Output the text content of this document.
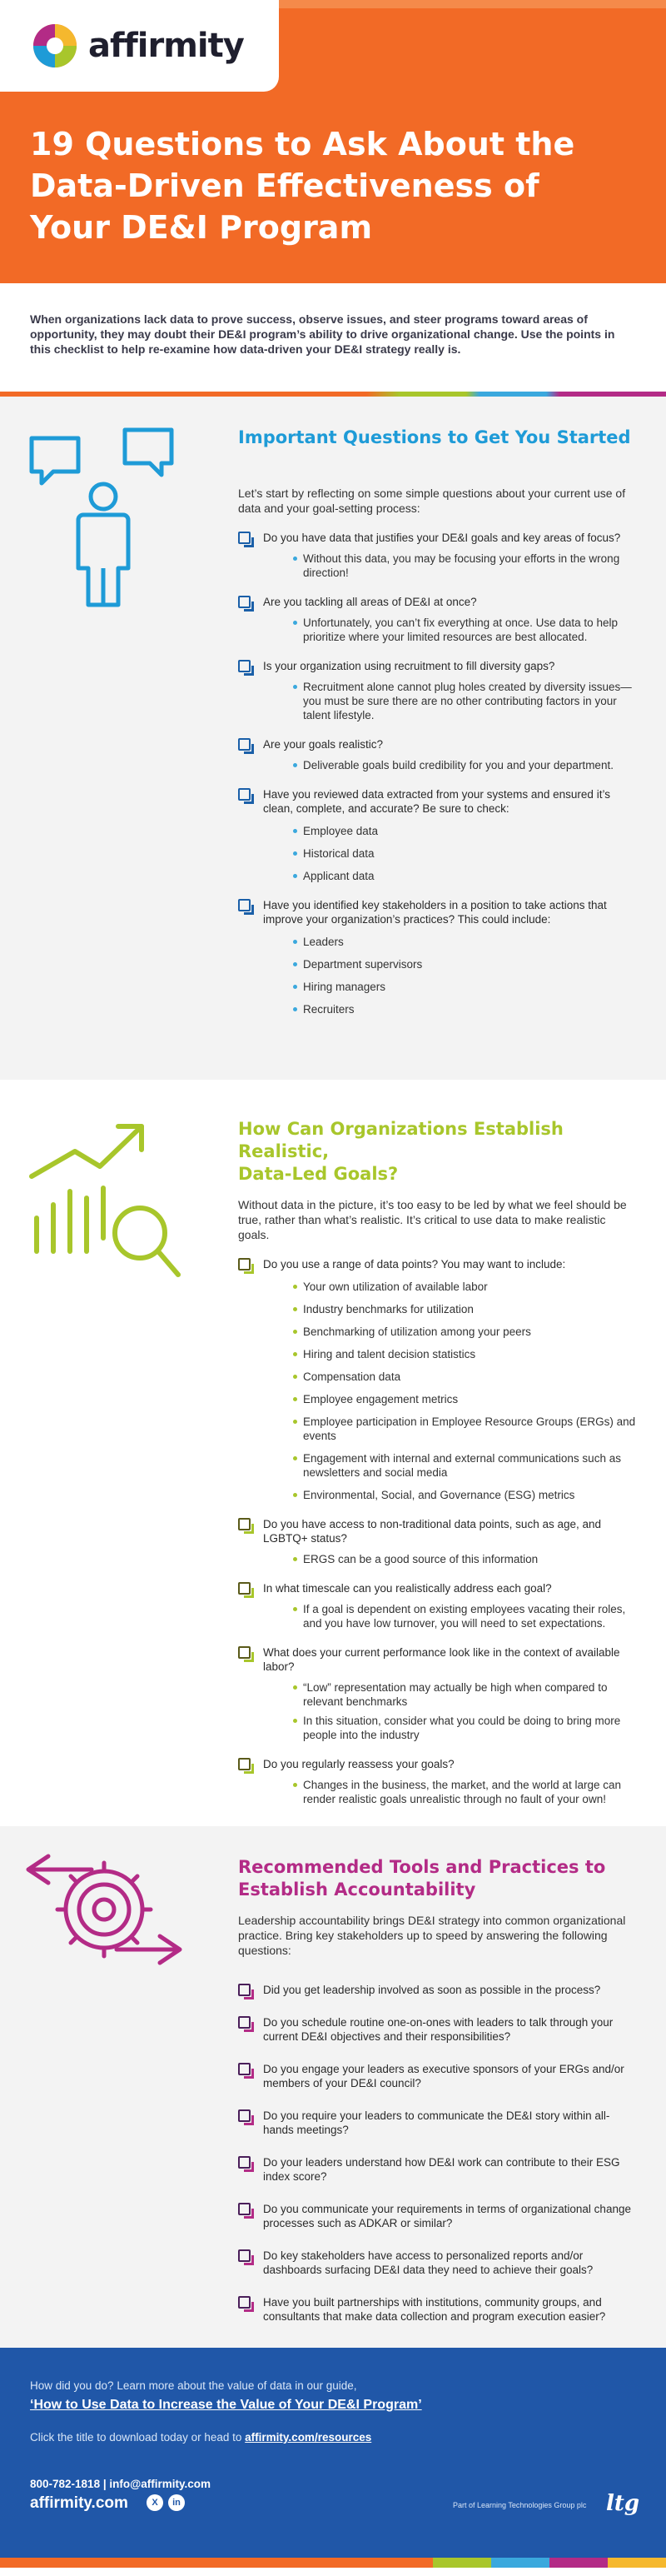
affirmity
19 Questions to Ask About the
Data-Driven Effectiveness of
Your DE&I Program
When organizations lack data to prove success, observe issues, and steer programs toward areas of opportunity, they may doubt their DE&I program’s ability to drive organizational change. Use the points in this checklist to help re-examine how data-driven your DE&I strategy really is.
Important Questions to Get You Started
Let’s start by reflecting on some simple questions about your current use of data and your goal-setting process:
Do you have data that justifies your DE&I goals and key areas of focus?
Without this data, you may be focusing your efforts in the wrong direction!
Are you tackling all areas of DE&I at once?
Unfortunately, you can’t fix everything at once. Use data to help prioritize where your limited resources are best allocated.
Is your organization using recruitment to fill diversity gaps?
Recruitment alone cannot plug holes created by diversity issues—you must be sure there are no other contributing factors in your talent lifestyle.
Are your goals realistic?
Deliverable goals build credibility for you and your department.
Have you reviewed data extracted from your systems and ensured it’s clean, complete, and accurate? Be sure to check:
Employee data
Historical data
Applicant data
Have you identified key stakeholders in a position to take actions that improve your organization’s practices? This could include:
Leaders
Department supervisors
Hiring managers
Recruiters
How Can Organizations Establish Realistic,
Data-Led Goals?
Without data in the picture, it’s too easy to be led by what we feel should be true, rather than what’s realistic. It’s critical to use data to make realistic goals.
Do you use a range of data points? You may want to include:
Your own utilization of available labor
Industry benchmarks for utilization
Benchmarking of utilization among your peers
Hiring and talent decision statistics
Compensation data
Employee engagement metrics
Employee participation in Employee Resource Groups (ERGs) and events
Engagement with internal and external communications such as newsletters and social media
Environmental, Social, and Governance (ESG) metrics
Do you have access to non-traditional data points, such as age, and LGBTQ+ status?
ERGS can be a good source of this information
In what timescale can you realistically address each goal?
If a goal is dependent on existing employees vacating their roles, and you have low turnover, you will need to set expectations.
What does your current performance look like in the context of available labor?
“Low” representation may actually be high when compared to relevant benchmarks
In this situation, consider what you could be doing to bring more people into the industry
Do you regularly reassess your goals?
Changes in the business, the market, and the world at large can render realistic goals unrealistic through no fault of your own!
Recommended Tools and Practices to
Establish Accountability
Leadership accountability brings DE&I strategy into common organizational practice. Bring key stakeholders up to speed by answering the following questions:
Did you get leadership involved as soon as possible in the process?
Do you schedule routine one-on-ones with leaders to talk through your current DE&I objectives and their responsibilities?
Do you engage your leaders as executive sponsors of your ERGs and/or members of your DE&I council?
Do you require your leaders to communicate the DE&I story within all-hands meetings?
Do your leaders understand how DE&I work can contribute to their ESG index score?
Do you communicate your requirements in terms of organizational change processes such as ADKAR or similar?
Do key stakeholders have access to personalized reports and/or dashboards surfacing DE&I data they need to achieve their goals?
Have you built partnerships with institutions, community groups, and consultants that make data collection and program execution easier?
How did you do? Learn more about the value of data in our guide,
‘How to Use Data to Increase the Value of Your DE&I Program’
Click the title to download today or head to affirmity.com/resources
800-782-1818 | info@affirmity.com
affirmity.com	X	in	Part of Learning Technologies Group plc ltg
